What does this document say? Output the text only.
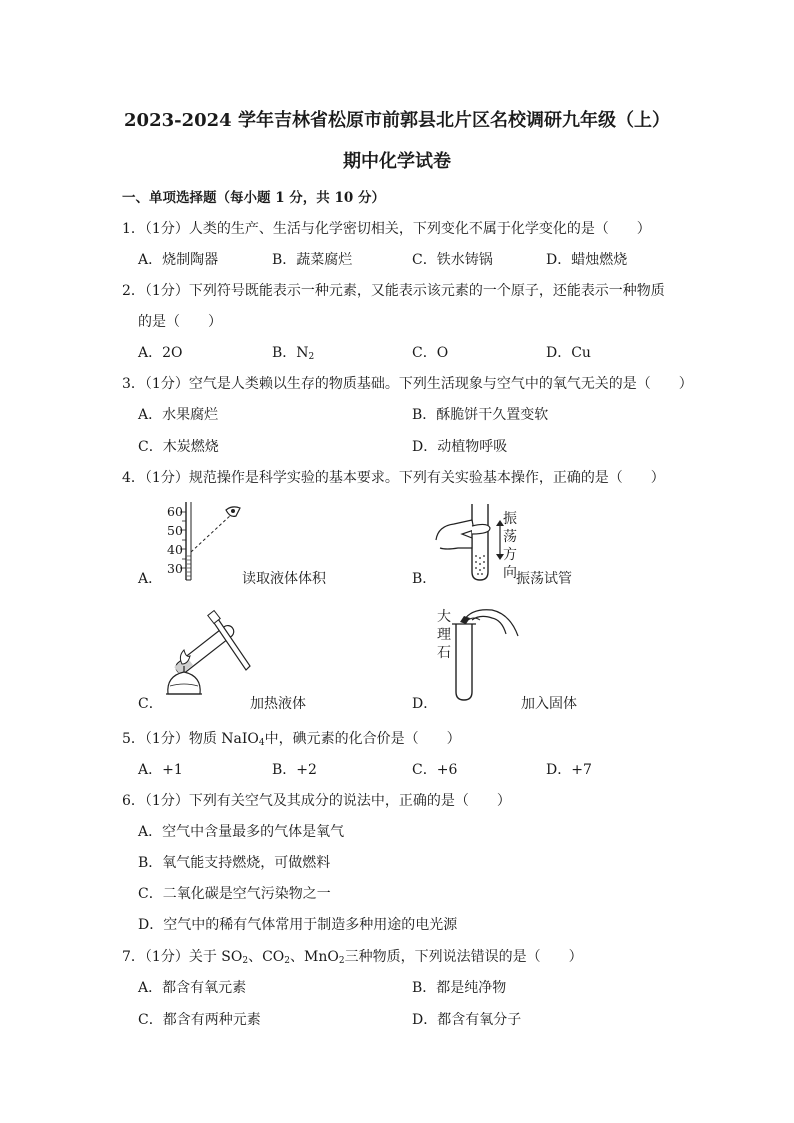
2023-2024 学年吉林省松原市前郭县北片区名校调研九年级（上）
期中化学试卷
一、单项选择题（每小题 1 分，共 10 分）
1．（1分）人类的生产、生活与化学密切相关，下列变化不属于化学变化的是（　　）
A．烧制陶器	B．蔬菜腐烂	C．铁水铸锅	D．蜡烛燃烧
2．（1分）下列符号既能表示一种元素，又能表示该元素的一个原子，还能表示一种物质
的是（　　）
A．2O	B．$N_2$	C．O	D．Cu
3．（1分）空气是人类赖以生存的物质基础。下列生活现象与空气中的氧气无关的是（　　）
A．水果腐烂	B．酥脆饼干久置变软
C．木炭燃烧	D．动植物呼吸
4．（1分）规范操作是科学实验的基本要求。下列有关实验基本操作，正确的是（　　）
60
50
40
30
A．	读取液体体积
振
荡
方
向
B．	振荡试管
C．	加热液体
大
理
石
D．	加入固体
5．（1分）物质 NaIO$_4$中，碘元素的化合价是（　　）
A．+1	B．+2	C．+6	D．+7
6．（1分）下列有关空气及其成分的说法中，正确的是（　　）
A．空气中含量最多的气体是氧气
B．氧气能支持燃烧，可做燃料
C．二氧化碳是空气污染物之一
D．空气中的稀有气体常用于制造多种用途的电光源
7．（1分）关于 $SO_2$、$CO_2$、MnO$_2$三种物质，下列说法错误的是（　　）
A．都含有氧元素	B．都是纯净物
C．都含有两种元素	D．都含有氧分子
